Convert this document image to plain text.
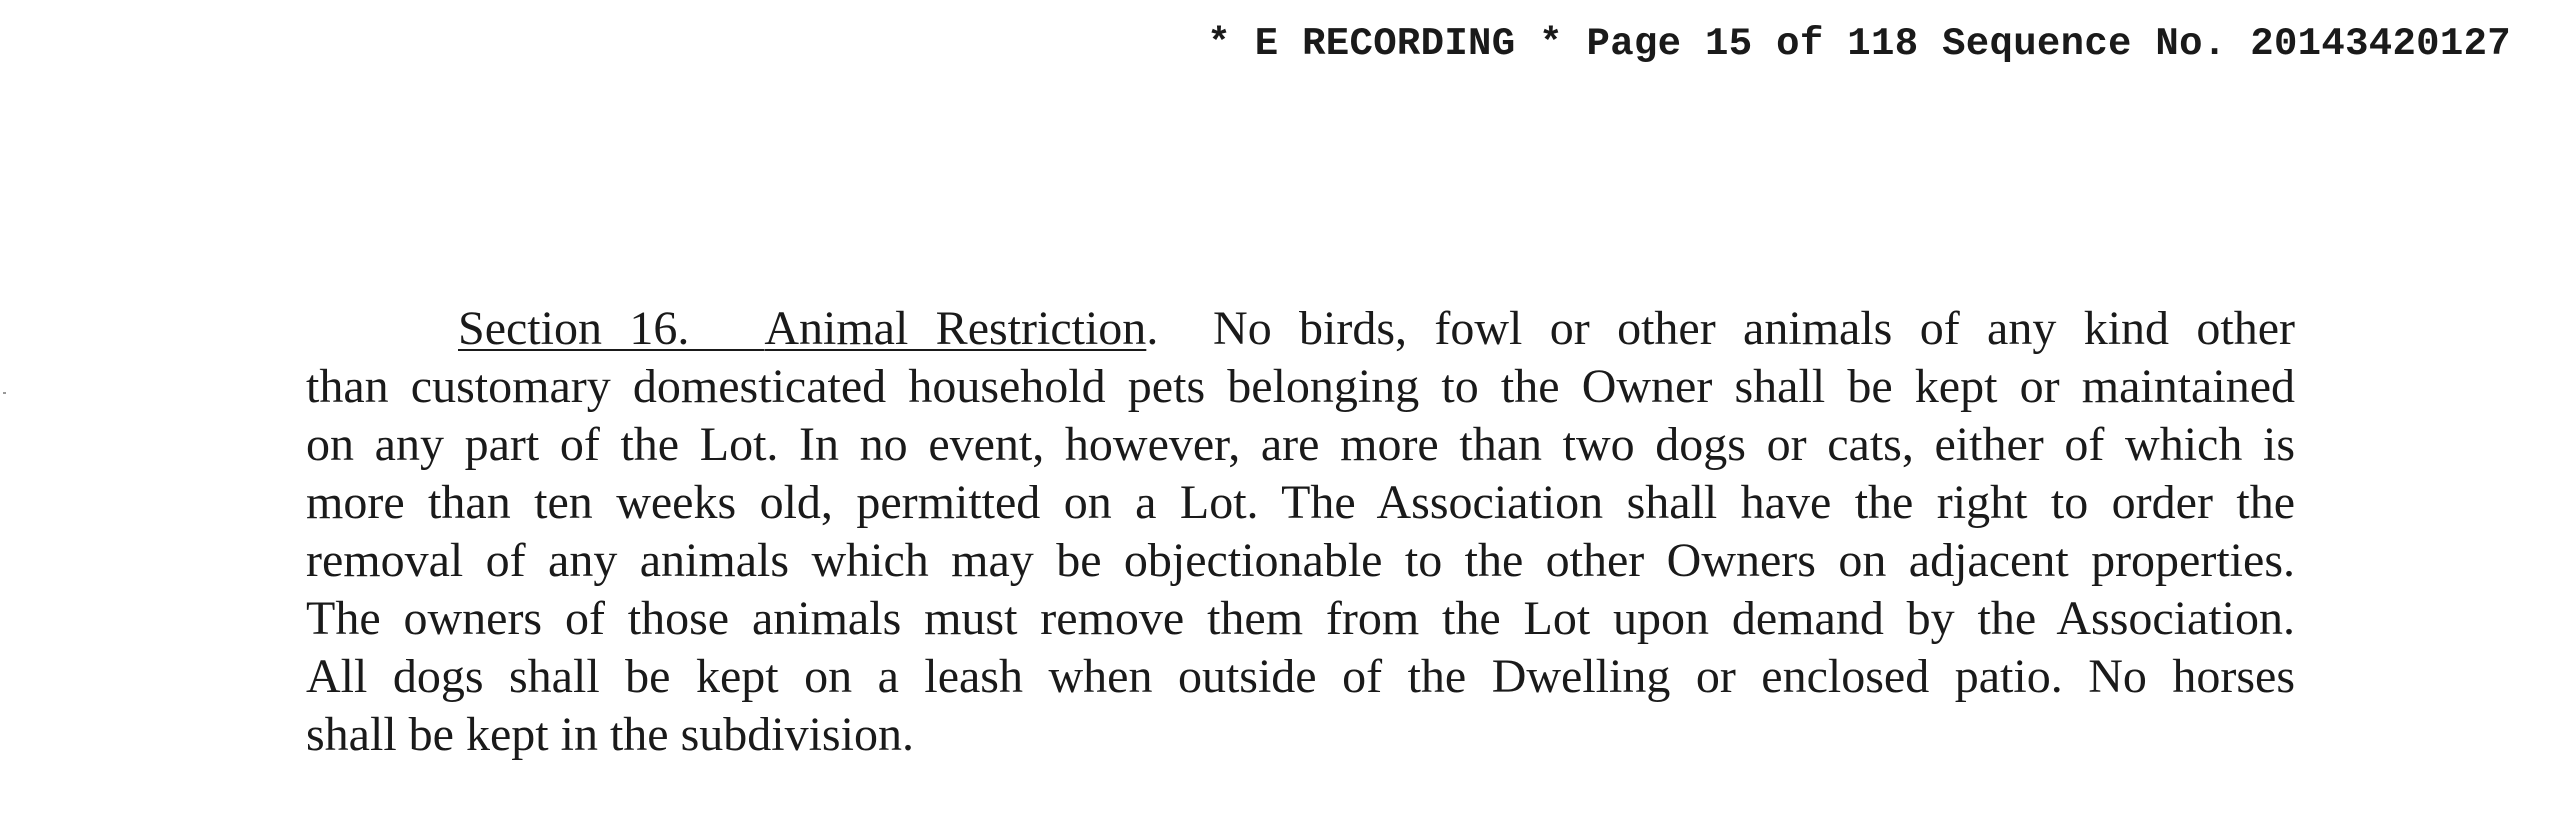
* E RECORDING * Page 15 of 118 Sequence No. 20143420127
Section 16. Animal Restriction. No birds, fowl or other animals of any kind other
than customary domesticated household pets belonging to the Owner shall be kept or maintained
on any part of the Lot. In no event, however, are more than two dogs or cats, either of which is
more than ten weeks old, permitted on a Lot. The Association shall have the right to order the
removal of any animals which may be objectionable to the other Owners on adjacent properties.
The owners of those animals must remove them from the Lot upon demand by the Association.
All dogs shall be kept on a leash when outside of the Dwelling or enclosed patio. No horses
shall be kept in the subdivision.
